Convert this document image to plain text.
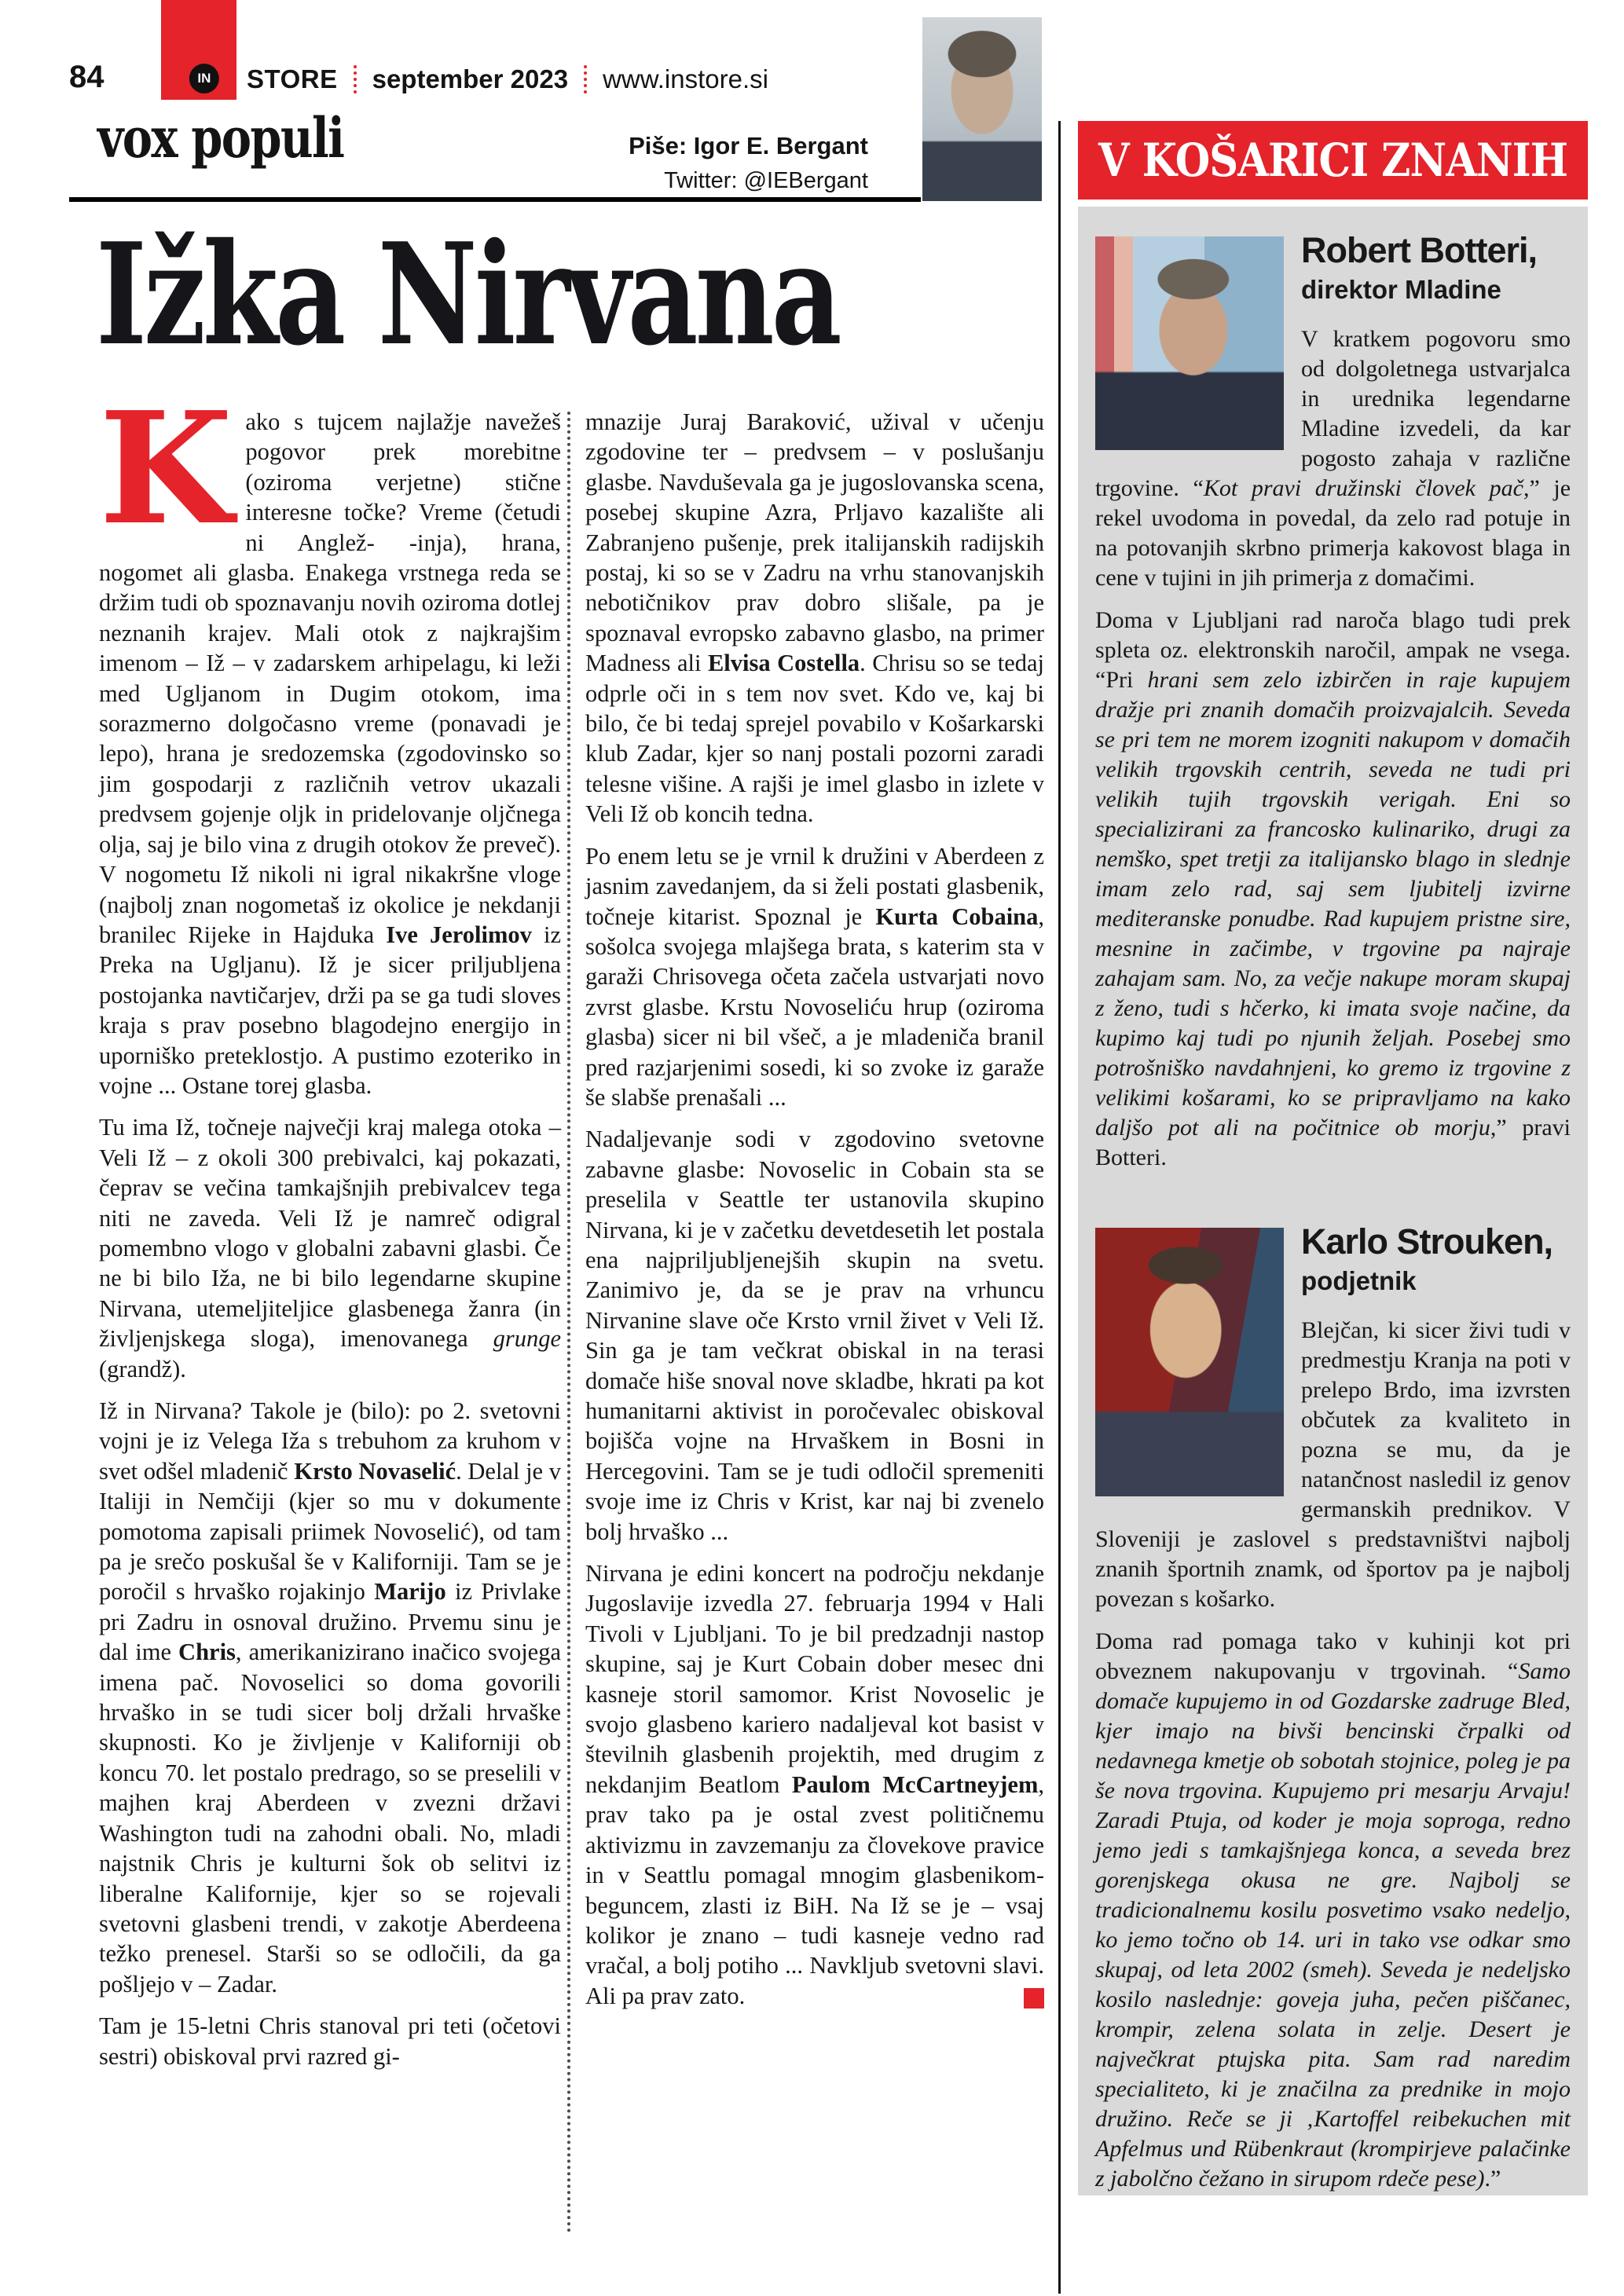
84	IN	STORE september 2023 www.instore.si
vox populi	Piše: Igor E. Bergant
Twitter: @IEBergant
Ižka Nirvana

Kako s tujcem najlažje navežeš pogovor prek morebitne (oziroma verjetne) stične interesne točke? Vreme (četudi ni Anglež- -inja), hrana, nogomet ali glasba. Enakega vrstnega reda se držim tudi ob spoznavanju novih oziroma dotlej neznanih krajev. Mali otok z najkrajšim imenom – Iž – v zadarskem arhipelagu, ki leži med Ugljanom in Dugim otokom, ima sorazmerno dolgočasno vreme (ponavadi je lepo), hrana je sredozemska (zgodovinsko so jim gospodarji z različnih vetrov ukazali predvsem gojenje oljk in pridelovanje oljčnega olja, saj je bilo vina z drugih otokov že preveč). V nogometu Iž nikoli ni igral nikakršne vloge (najbolj znan nogometaš iz okolice je nekdanji branilec Rijeke in Hajduka Ive Jerolimov iz Preka na Ugljanu). Iž je sicer priljubljena postojanka navtičarjev, drži pa se ga tudi sloves kraja s prav posebno blagodejno energijo in uporniško preteklostjo. A pustimo ezoteriko in vojne ... Ostane torej glasba.

Tu ima Iž, točneje največji kraj malega otoka – Veli Iž – z okoli 300 prebivalci, kaj pokazati, čeprav se večina tamkajšnjih prebivalcev tega niti ne zaveda. Veli Iž je namreč odigral pomembno vlogo v globalni zabavni glasbi. Če ne bi bilo Iža, ne bi bilo legendarne skupine Nirvana, utemeljiteljice glasbenega žanra (in življenjskega sloga), imenovanega grunge (grandž).

Iž in Nirvana? Takole je (bilo): po 2. svetovni vojni je iz Velega Iža s trebuhom za kruhom v svet odšel mladenič Krsto Novaselić. Delal je v Italiji in Nemčiji (kjer so mu v dokumente pomotoma zapisali priimek Novoselić), od tam pa je srečo poskušal še v Kaliforniji. Tam se je poročil s hrvaško rojakinjo Marijo iz Privlake pri Zadru in osnoval družino. Prvemu sinu je dal ime Chris, amerikanizirano inačico svojega imena pač. Novoselici so doma govorili hrvaško in se tudi sicer bolj držali hrvaške skupnosti. Ko je življenje v Kaliforniji ob koncu 70. let postalo predrago, so se preselili v majhen kraj Aberdeen v zvezni državi Washington tudi na zahodni obali. No, mladi najstnik Chris je kulturni šok ob selitvi iz liberalne Kalifornije, kjer so se rojevali svetovni glasbeni trendi, v zakotje Aberdeena težko prenesel. Starši so se odločili, da ga pošljejo v – Zadar.

Tam je 15-letni Chris stanoval pri teti (očetovi sestri) obiskoval prvi razred gi-

mnazije Juraj Baraković, užival v učenju zgodovine ter – predvsem – v poslušanju glasbe. Navduševala ga je jugoslovanska scena, posebej skupine Azra, Prljavo kazalište ali Zabranjeno pušenje, prek italijanskih radijskih postaj, ki so se v Zadru na vrhu stanovanjskih nebotičnikov prav dobro slišale, pa je spoznaval evropsko zabavno glasbo, na primer Madness ali Elvisa Costella. Chrisu so se tedaj odprle oči in s tem nov svet. Kdo ve, kaj bi bilo, če bi tedaj sprejel povabilo v Košarkarski klub Zadar, kjer so nanj postali pozorni zaradi telesne višine. A rajši je imel glasbo in izlete v Veli Iž ob koncih tedna.

Po enem letu se je vrnil k družini v Aberdeen z jasnim zavedanjem, da si želi postati glasbenik, točneje kitarist. Spoznal je Kurta Cobaina, sošolca svojega mlajšega brata, s katerim sta v garaži Chrisovega očeta začela ustvarjati novo zvrst glasbe. Krstu Novoseliću hrup (oziroma glasba) sicer ni bil všeč, a je mladeniča branil pred razjarjenimi sosedi, ki so zvoke iz garaže še slabše prenašali ...

Nadaljevanje sodi v zgodovino svetovne zabavne glasbe: Novoselic in Cobain sta se preselila v Seattle ter ustanovila skupino Nirvana, ki je v začetku devetdesetih let postala ena najpriljubljenejših skupin na svetu. Zanimivo je, da se je prav na vrhuncu Nirvanine slave oče Krsto vrnil živet v Veli Iž. Sin ga je tam večkrat obiskal in na terasi domače hiše snoval nove skladbe, hkrati pa kot humanitarni aktivist in poročevalec obiskoval bojišča vojne na Hrvaškem in Bosni in Hercegovini. Tam se je tudi odločil spremeniti svoje ime iz Chris v Krist, kar naj bi zvenelo bolj hrvaško ...

Nirvana je edini koncert na področju nekdanje Jugoslavije izvedla 27. februarja 1994 v Hali Tivoli v Ljubljani. To je bil predzadnji nastop skupine, saj je Kurt Cobain dober mesec dni kasneje storil samomor. Krist Novoselic je svojo glasbeno kariero nadaljeval kot basist v številnih glasbenih projektih, med drugim z nekdanjim Beatlom Paulom McCartneyjem, prav tako pa je ostal zvest političnemu aktivizmu in zavzemanju za človekove pravice in v Seattlu pomagal mnogim glasbenikom-beguncem, zlasti iz BiH. Na Iž se je – vsaj kolikor je znano – tudi kasneje vedno rad vračal, a bolj potiho ... Navkljub svetovni slavi. Ali pa prav zato.

V KOŠARICI ZNANIH
Robert Botteri,
direktor Mladine

V kratkem pogovoru smo od dolgoletnega ustvarjalca in urednika legendarne Mladine izvedeli, da kar pogosto zahaja v različne trgovine. “Kot pravi družinski človek pač,” je rekel uvodoma in povedal, da zelo rad potuje in na potovanjih skrbno primerja kakovost blaga in cene v tujini in jih primerja z domačimi.

Doma v Ljubljani rad naroča blago tudi prek spleta oz. elektronskih naročil, ampak ne vsega. “Pri hrani sem zelo izbirčen in raje kupujem dražje pri znanih domačih proizvajalcih. Seveda se pri tem ne morem izogniti nakupom v domačih velikih trgovskih centrih, seveda ne tudi pri velikih tujih trgovskih verigah. Eni so specializirani za francosko kulinariko, drugi za nemško, spet tretji za italijansko blago in slednje imam zelo rad, saj sem ljubitelj izvirne mediteranske ponudbe. Rad kupujem pristne sire, mesnine in začimbe, v trgovine pa najraje zahajam sam. No, za večje nakupe moram skupaj z ženo, tudi s hčerko, ki imata svoje načine, da kupimo kaj tudi po njunih željah. Posebej smo potrošniško navdahnjeni, ko gremo iz trgovine z velikimi košarami, ko se pripravljamo na kako daljšo pot ali na počitnice ob morju,” pravi Botteri.

Karlo Strouken,
podjetnik

Blejčan, ki sicer živi tudi v predmestju Kranja na poti v prelepo Brdo, ima izvrsten občutek za kvaliteto in pozna se mu, da je natančnost nasledil iz genov germanskih prednikov. V Sloveniji je zaslovel s predstavništvi najbolj znanih športnih znamk, od športov pa je najbolj povezan s košarko.

Doma rad pomaga tako v kuhinji kot pri obveznem nakupovanju v trgovinah. “Samo domače kupujemo in od Gozdarske zadruge Bled, kjer imajo na bivši bencinski črpalki od nedavnega kmetje ob sobotah stojnice, poleg je pa še nova trgovina. Kupujemo pri mesarju Arvaju! Zaradi Ptuja, od koder je moja soproga, redno jemo jedi s tamkajšnjega konca, a seveda brez gorenjskega okusa ne gre. Najbolj se tradicionalnemu kosilu posvetimo vsako nedeljo, ko jemo točno ob 14. uri in tako vse odkar smo skupaj, od leta 2002 (smeh). Seveda je nedeljsko kosilo naslednje: goveja juha, pečen piščanec, krompir, zelena solata in zelje. Desert je največkrat ptujska pita. Sam rad naredim specialiteto, ki je značilna za prednike in mojo družino. Reče se ji ‚Kartoffel reibekuchen mit Apfelmus und Rübenkraut (krompirjeve palačinke z jabolčno čežano in sirupom rdeče pese).”
